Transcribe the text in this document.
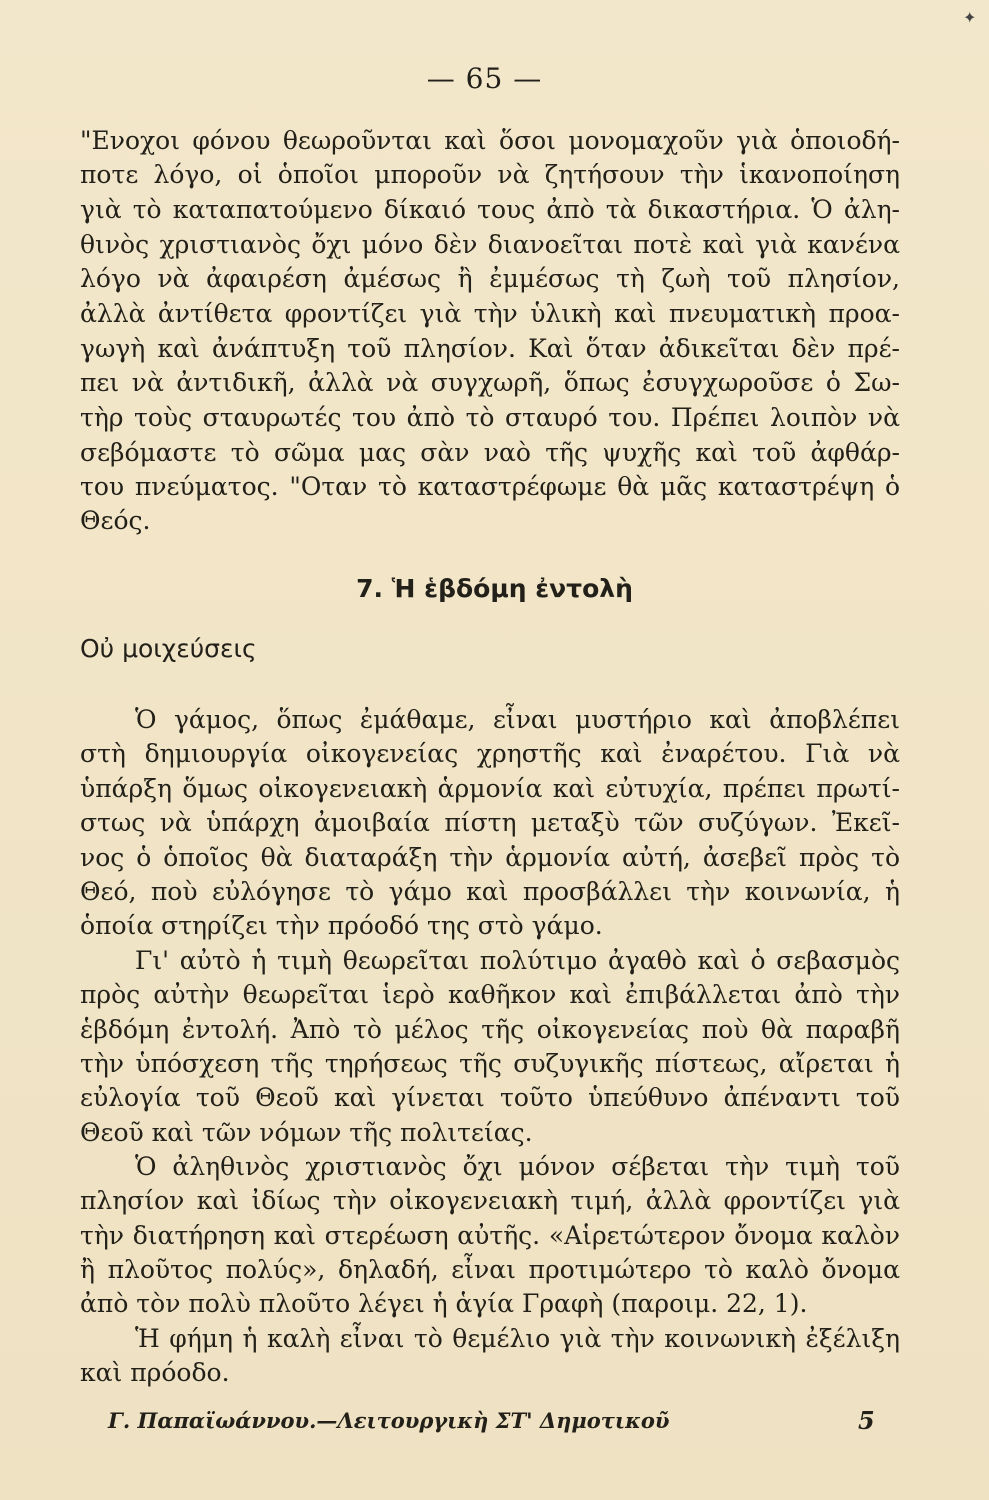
✦
— 65 —
"Ενοχοι φόνου θεωροῦνται καὶ ὅσοι μονομαχοῦν γιὰ ὁποιοδή-
ποτε λόγο, οἱ ὁποῖοι μποροῦν νὰ ζητήσουν τὴν ἱκανοποίηση
γιὰ τὸ καταπατούμενο δίκαιό τους ἀπὸ τὰ δικαστήρια. Ὁ ἀλη-
θινὸς χριστιανὸς ὄχι μόνο δὲν διανοεῖται ποτὲ καὶ γιὰ κανένα
λόγο νὰ ἀφαιρέση ἀμέσως ἢ ἐμμέσως τὴ ζωὴ τοῦ πλησίον,
ἀλλὰ ἀντίθετα φροντίζει γιὰ τὴν ὑλικὴ καὶ πνευματικὴ προα-
γωγὴ καὶ ἀνάπτυξη τοῦ πλησίον. Καὶ ὅταν ἀδικεῖται δὲν πρέ-
πει νὰ ἀντιδικῆ, ἀλλὰ νὰ συγχωρῆ, ὅπως ἐσυγχωροῦσε ὁ Σω-
τὴρ τοὺς σταυρωτές του ἀπὸ τὸ σταυρό του. Πρέπει λοιπὸν νὰ
σεβόμαστε τὸ σῶμα μας σὰν ναὸ τῆς ψυχῆς καὶ τοῦ ἀφθάρ-
του πνεύματος. "Οταν τὸ καταστρέφωμε θὰ μᾶς καταστρέψη ὁ
Θεός.
7. Ἡ ἑβδόμη ἐντολὴ
Οὐ μοιχεύσεις
Ὁ γάμος, ὅπως ἐμάθαμε, εἶναι μυστήριο καὶ ἀποβλέπει
στὴ δημιουργία οἰκογενείας χρηστῆς καὶ ἐναρέτου. Γιὰ νὰ
ὑπάρξη ὅμως οἰκογενειακὴ ἁρμονία καὶ εὐτυχία, πρέπει πρωτί-
στως νὰ ὑπάρχη ἀμοιβαία πίστη μεταξὺ τῶν συζύγων. Ἐκεῖ-
νος ὁ ὁποῖος θὰ διαταράξη τὴν ἁρμονία αὐτή, ἀσεβεῖ πρὸς τὸ
Θεό, ποὺ εὐλόγησε τὸ γάμο καὶ προσβάλλει τὴν κοινωνία, ἡ
ὁποία στηρίζει τὴν πρόοδό της στὸ γάμο.
Γι' αὐτὸ ἡ τιμὴ θεωρεῖται πολύτιμο ἀγαθὸ καὶ ὁ σεβασμὸς
πρὸς αὐτὴν θεωρεῖται ἱερὸ καθῆκον καὶ ἐπιβάλλεται ἀπὸ τὴν
ἑβδόμη ἐντολή. Ἀπὸ τὸ μέλος τῆς οἰκογενείας ποὺ θὰ παραβῆ
τὴν ὑπόσχεση τῆς τηρήσεως τῆς συζυγικῆς πίστεως, αἴρεται ἡ
εὐλογία τοῦ Θεοῦ καὶ γίνεται τοῦτο ὑπεύθυνο ἀπέναντι τοῦ
Θεοῦ καὶ τῶν νόμων τῆς πολιτείας.
Ὁ ἀληθινὸς χριστιανὸς ὄχι μόνον σέβεται τὴν τιμὴ τοῦ
πλησίον καὶ ἰδίως τὴν οἰκογενειακὴ τιμή, ἀλλὰ φροντίζει γιὰ
τὴν διατήρηση καὶ στερέωση αὐτῆς. «Αἱρετώτερον ὄνομα καλὸν
ἢ πλοῦτος πολύς», δηλαδή, εἶναι προτιμώτερο τὸ καλὸ ὄνομα
ἀπὸ τὸν πολὺ πλοῦτο λέγει ἡ ἁγία Γραφὴ (παροιμ. 22, 1).
Ἡ φήμη ἡ καλὴ εἶναι τὸ θεμέλιο γιὰ τὴν κοινωνικὴ ἐξέλιξη
καὶ πρόοδο.
Γ. Παπαϊωάννου.—Λειτουργικὴ ΣΤ' Δημοτικοῦ	5
